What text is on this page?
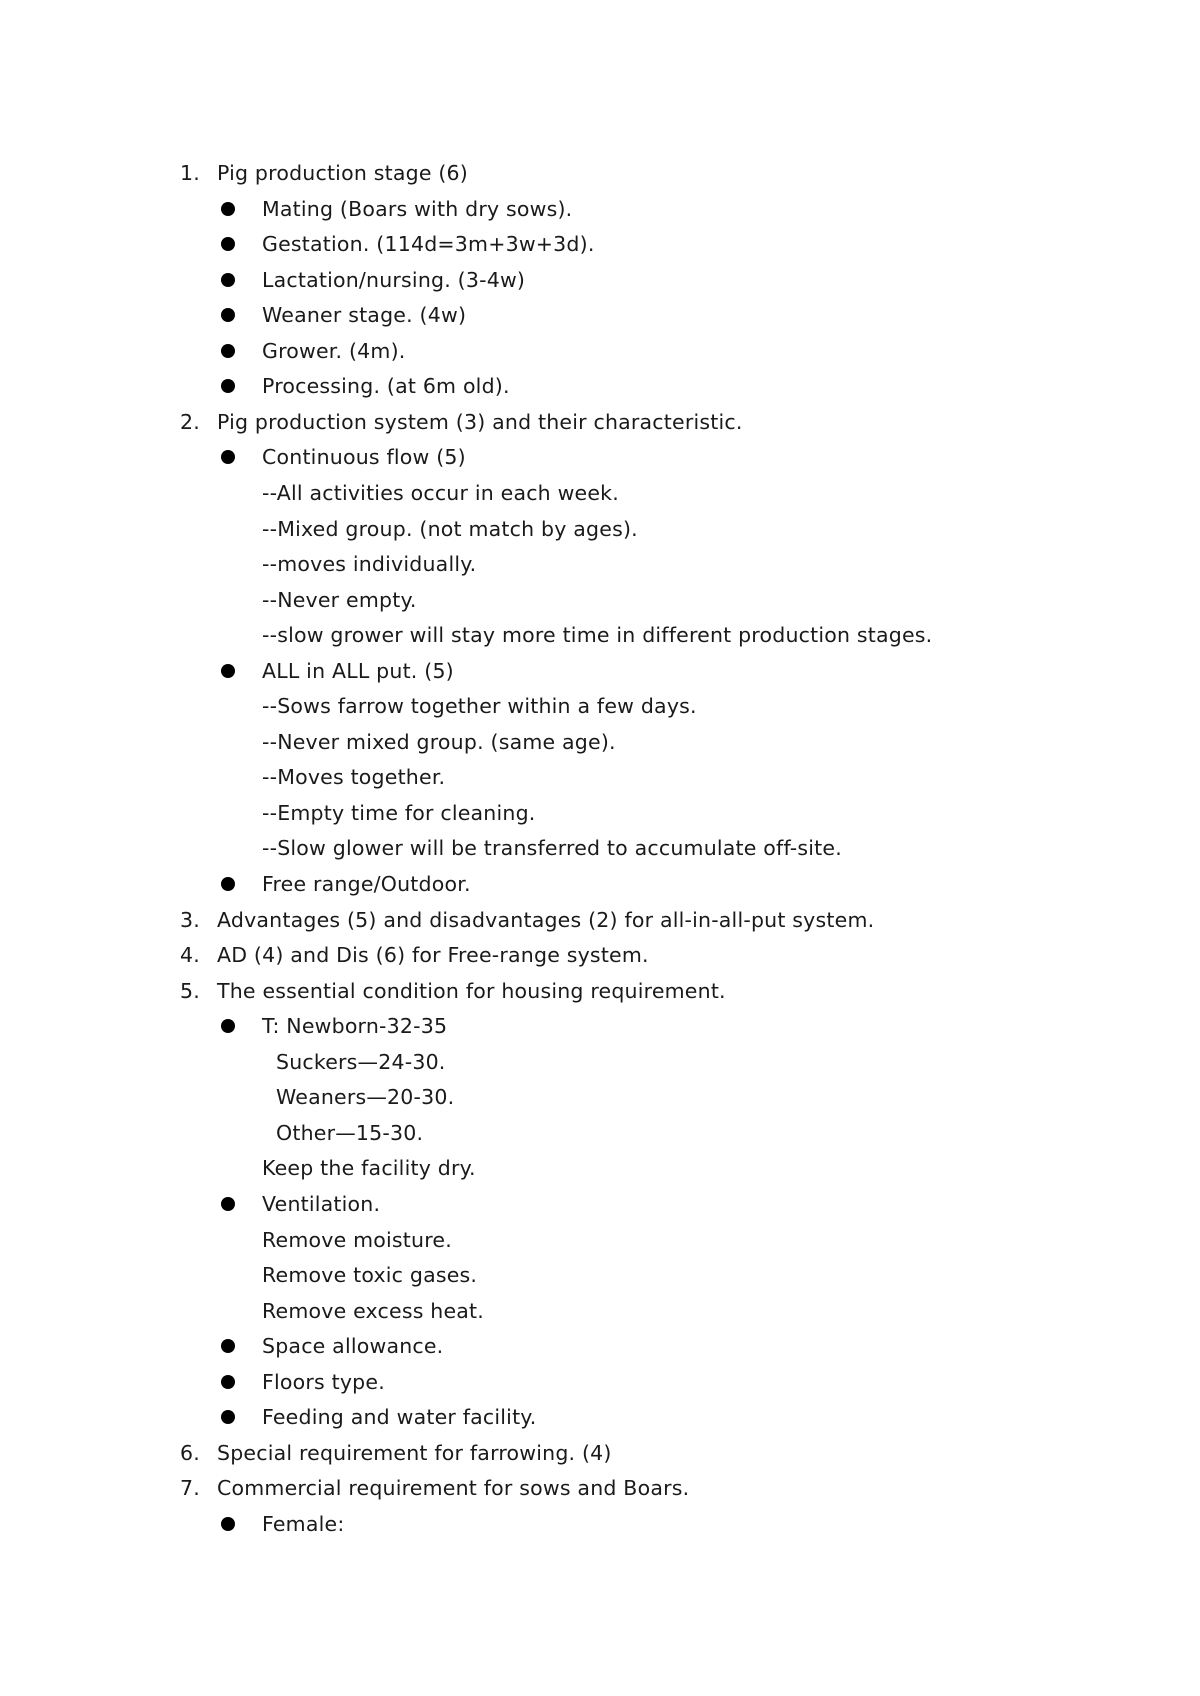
1. Pig production stage (6)
Mating (Boars with dry sows).
Gestation. (114d=3m+3w+3d).
Lactation/nursing. (3-4w)
Weaner stage. (4w)
Grower. (4m).
Processing. (at 6m old).
2. Pig production system (3) and their characteristic.
Continuous flow (5)
--All activities occur in each week.
--Mixed group. (not match by ages).
--moves individually.
--Never empty.
--slow grower will stay more time in different production stages.
ALL in ALL put. (5)
--Sows farrow together within a few days.
--Never mixed group. (same age).
--Moves together.
--Empty time for cleaning.
--Slow glower will be transferred to accumulate off-site.
Free range/Outdoor.
3. Advantages (5) and disadvantages (2) for all-in-all-put system.
4. AD (4) and Dis (6) for Free-range system.
5. The essential condition for housing requirement.
T: Newborn-32-35
Suckers—24-30.
Weaners—20-30.
Other—15-30.
Keep the facility dry.
Ventilation.
Remove moisture.
Remove toxic gases.
Remove excess heat.
Space allowance.
Floors type.
Feeding and water facility.
6. Special requirement for farrowing. (4)
7. Commercial requirement for sows and Boars.
Female:
